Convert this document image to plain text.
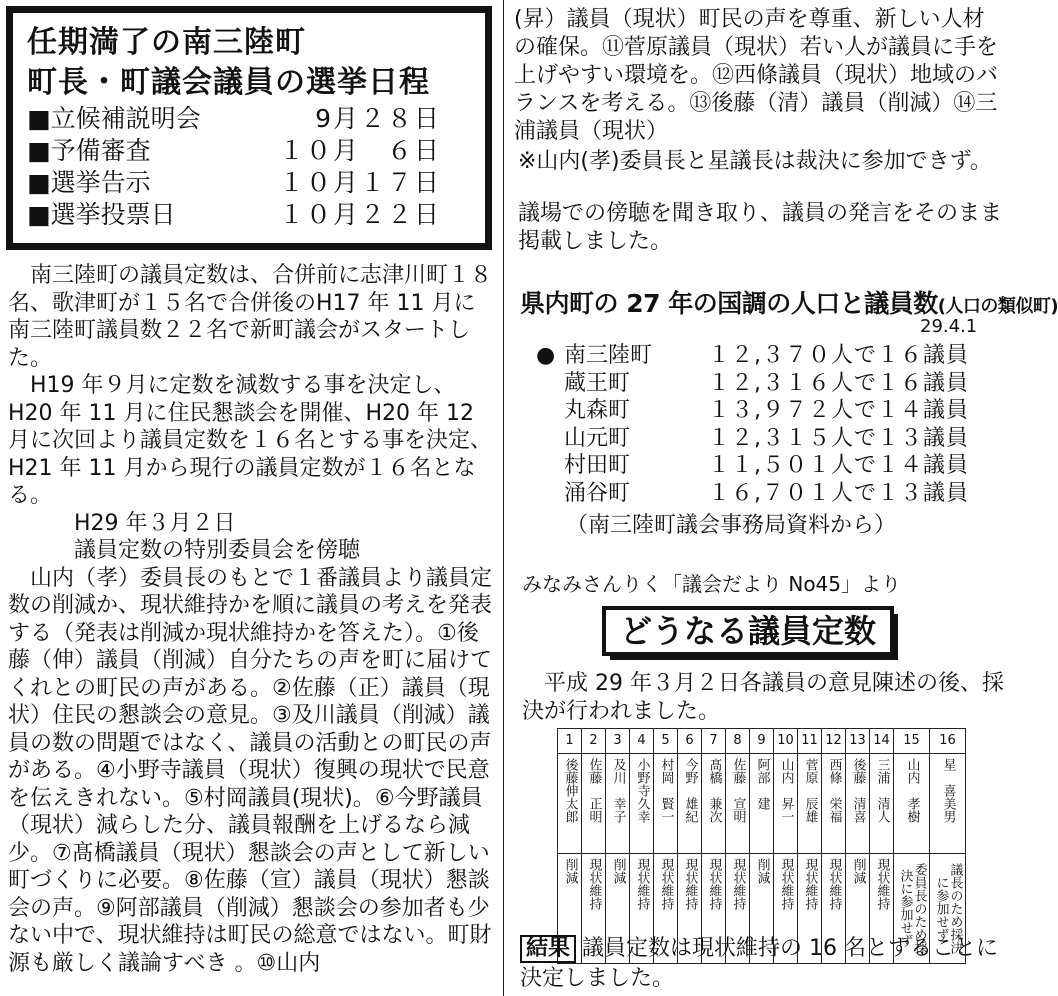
任期満了の南三陸町
町長・町議会議員の選挙日程
■立候補説明会	9月２８日
■予備審査	１０月　６日
■選挙告示	１０月１７日
■選挙投票日	１０月２２日

南三陸町の議員定数は、合併前に志津川町１８名、歌津町が１５名で合併後のH17 年 11 月に南三陸町議員数２２名で新町議会がスタートした。

H19 年９月に定数を減数する事を決定し、H20 年 11 月に住民懇談会を開催、H20 年 12 月に次回より議員定数を１６名とする事を決定、H21 年 11 月から現行の議員定数が１６名となる。

H29 年３月２日

議員定数の特別委員会を傍聴

山内（孝）委員長のもとで１番議員より議員定数の削減か、現状維持かを順に議員の考えを発表する（発表は削減か現状維持かを答えた）。①後藤（伸）議員（削減）自分たちの声を町に届けてくれとの町民の声がある。②佐藤（正）議員（現状）住民の懇談会の意見。③及川議員（削減）議員の数の問題ではなく、議員の活動との町民の声がある。④小野寺議員（現状）復興の現状で民意を伝えきれない。⑤村岡議員(現状)。⑥今野議員（現状）減らした分、議員報酬を上げるなら減少。⑦髙橋議員（現状）懇談会の声として新しい町づくりに必要。⑧佐藤（宣）議員（現状）懇談会の声。⑨阿部議員（削減）懇談会の参加者も少ない中で、現状維持は町民の総意ではない。町財源も厳しく議論すべき 。⑩山内

(昇）議員（現状）町民の声を尊重、新しい人材の確保。⑪菅原議員（現状）若い人が議員に手を上げやすい環境を。⑫西條議員（現状）地域のバランスを考える。⑬後藤（清）議員（削減）⑭三浦議員（現状）
※山内(孝)委員長と星議長は裁決に参加できず。
議場での傍聴を聞き取り、議員の発言をそのまま掲載しました。
県内町の 27 年の国調の人口と議員数(人口の類似町)
29.4.1
● 南三陸町	１２,３７０人で１６議員
蔵王町	１２,３１６人で１６議員
丸森町	１３,９７２人で１４議員
山元町	１２,３１５人で１３議員
村田町	１１,５０１人で１４議員
涌谷町	１６,７０１人で１３議員
（南三陸町議会事務局資料から）
みなみさんりく「議会だより No45」より
どうなる議員定数

平成 29 年３月２日各議員の意見陳述の後、採決が行われました。

1	2	3	4	5	6	7	8	9	10	11	12	13	14	15	16
後藤伸太郎	佐藤　正明	及川　幸子	小野寺久幸	村岡　賢一	今野　雄紀	髙橋　兼次	佐藤　宣明	阿部　建	山内　昇一	菅原　辰雄	西條　栄福	後藤　清喜	三浦　清人	山内　孝樹	星　喜美男
削減	現状維持	削減	現状維持	現状維持	現状維持	現状維持	現状維持	削減	現状維持	現状維持	現状維持	削減	現状維持	委員長のため採決に参加せず	議長のため採決に参加せず
結果 議員定数は現状維持の 16 名とすることに決定しました。
